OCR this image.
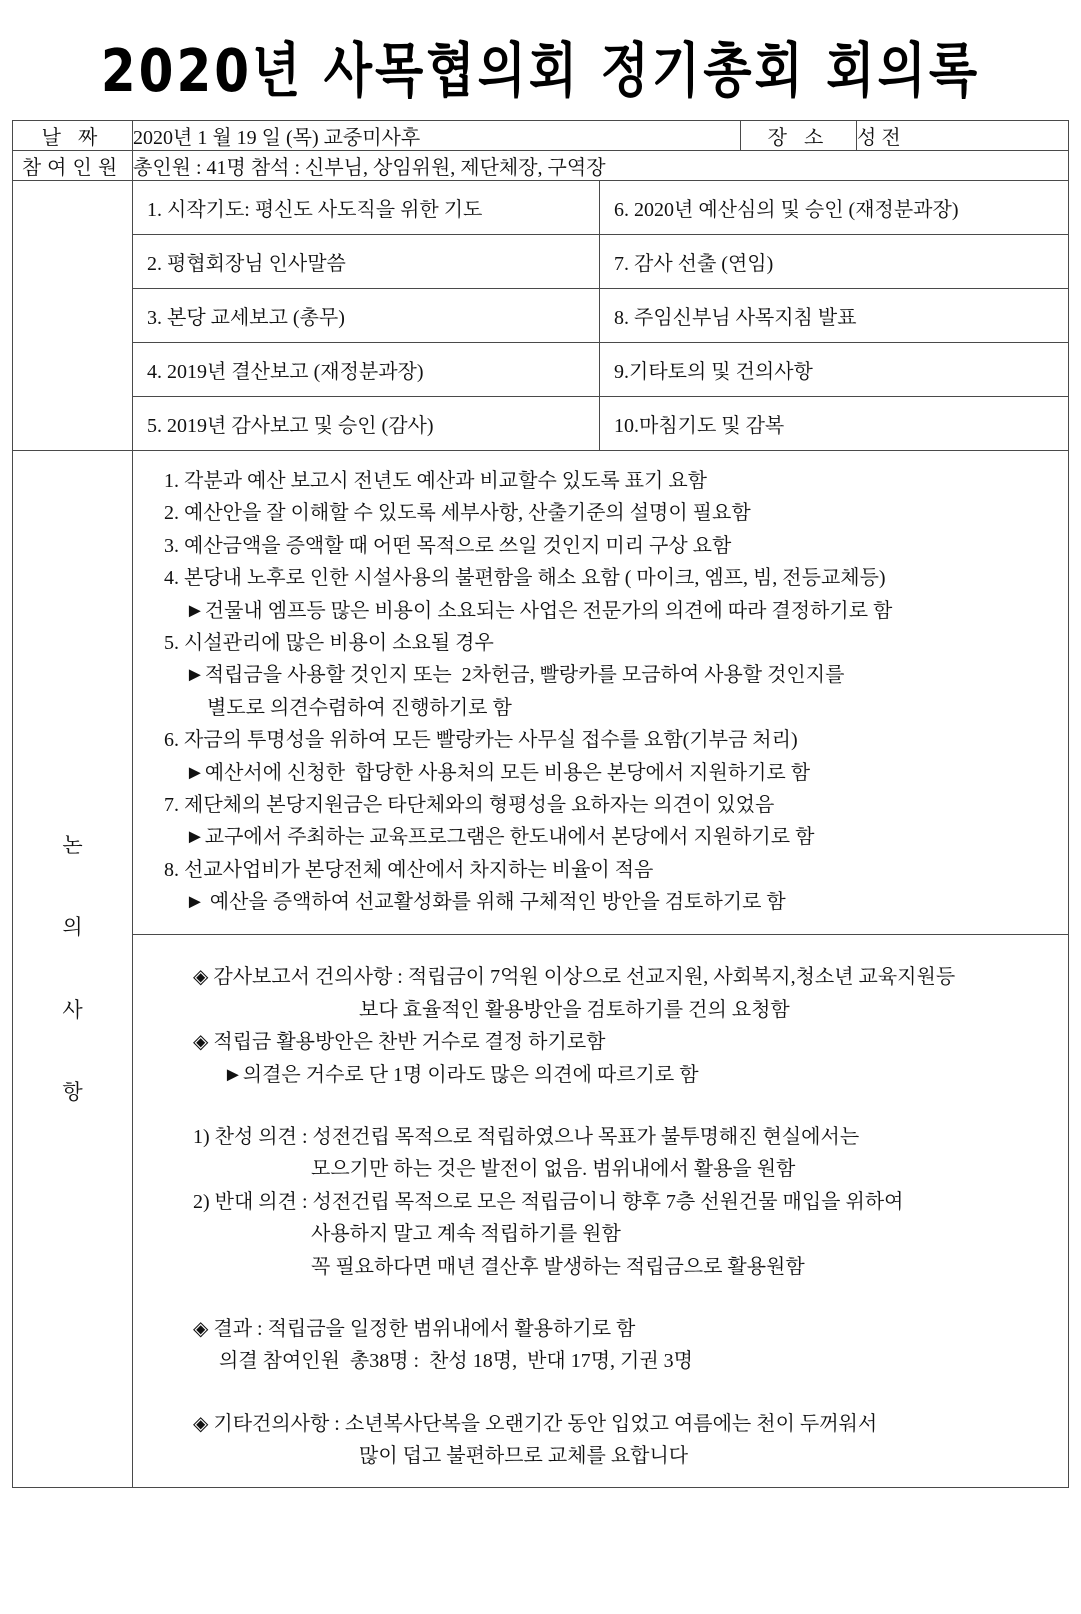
2020년 사목협의회 정기총회 회의록
날 짜	2020년 1 월 19 일 (목) 교중미사후	장 소	성 전
참여인원	총인원 : 41명 참석 : 신부님, 상임위원, 제단체장, 구역장

1. 시작기도: 평신도 사도직을 위한 기도	6. 2020년 예산심의 및 승인 (재정분과장)
2. 평협회장님 인사말씀	7. 감사 선출 (연임)
3. 본당 교세보고 (총무)	8. 주임신부님 사목지침 발표
4. 2019년 결산보고 (재정분과장)	9.기타토의 및 건의사항
5. 2019년 감사보고 및 승인 (감사)	10.마침기도 및 감복

논
의
사
항

1. 각분과 예산 보고시 전년도 예산과 비교할수 있도록 표기 요함
2. 예산안을 잘 이해할 수 있도록 세부사항, 산출기준의 설명이 필요함
3. 예산금액을 증액할 때 어떤 목적으로 쓰일 것인지 미리 구상 요함
4. 본당내 노후로 인한 시설사용의 불편함을 해소 요함 ( 마이크, 엠프, 빔, 전등교체등)
►건물내 엠프등 많은 비용이 소요되는 사업은 전문가의 의견에 따라 결정하기로 함
5. 시설관리에 많은 비용이 소요될 경우
►적립금을 사용할 것인지 또는  2차헌금, 빨랑카를 모금하여 사용할 것인지를
별도로 의견수렴하여 진행하기로 함
6. 자금의 투명성을 위하여 모든 빨랑카는 사무실 접수를 요함(기부금 처리)
►예산서에 신청한  합당한 사용처의 모든 비용은 본당에서 지원하기로 함
7. 제단체의 본당지원금은 타단체와의 형평성을 요하자는 의견이 있었음
►교구에서 주최하는 교육프로그램은 한도내에서 본당에서 지원하기로 함
8. 선교사업비가 본당전체 예산에서 차지하는 비율이 적음
► 예산을 증액하여 선교활성화를 위해 구체적인 방안을 검토하기로 함
◈ 감사보고서 건의사항 : 적립금이 7억원 이상으로 선교지원, 사회복지,청소년 교육지원등
보다 효율적인 활용방안을 검토하기를 건의 요청함
◈ 적립금 활용방안은 찬반 거수로 결정 하기로함
►의결은 거수로 단 1명 이라도 많은 의견에 따르기로 함
1) 찬성 의견 : 성전건립 목적으로 적립하였으나 목표가 불투명해진 현실에서는
모으기만 하는 것은 발전이 없음. 범위내에서 활용을 원함
2) 반대 의견 : 성전건립 목적으로 모은 적립금이니 향후 7층 선원건물 매입을 위하여
사용하지 말고 계속 적립하기를 원함
꼭 필요하다면 매년 결산후 발생하는 적립금으로 활용원함
◈ 결과 : 적립금을 일정한 범위내에서 활용하기로 함
의결 참여인원  총38명 :  찬성 18명,  반대 17명, 기권 3명
◈ 기타건의사항 : 소년복사단복을 오랜기간 동안 입었고 여름에는 천이 두꺼워서
많이 덥고 불편하므로 교체를 요합니다
